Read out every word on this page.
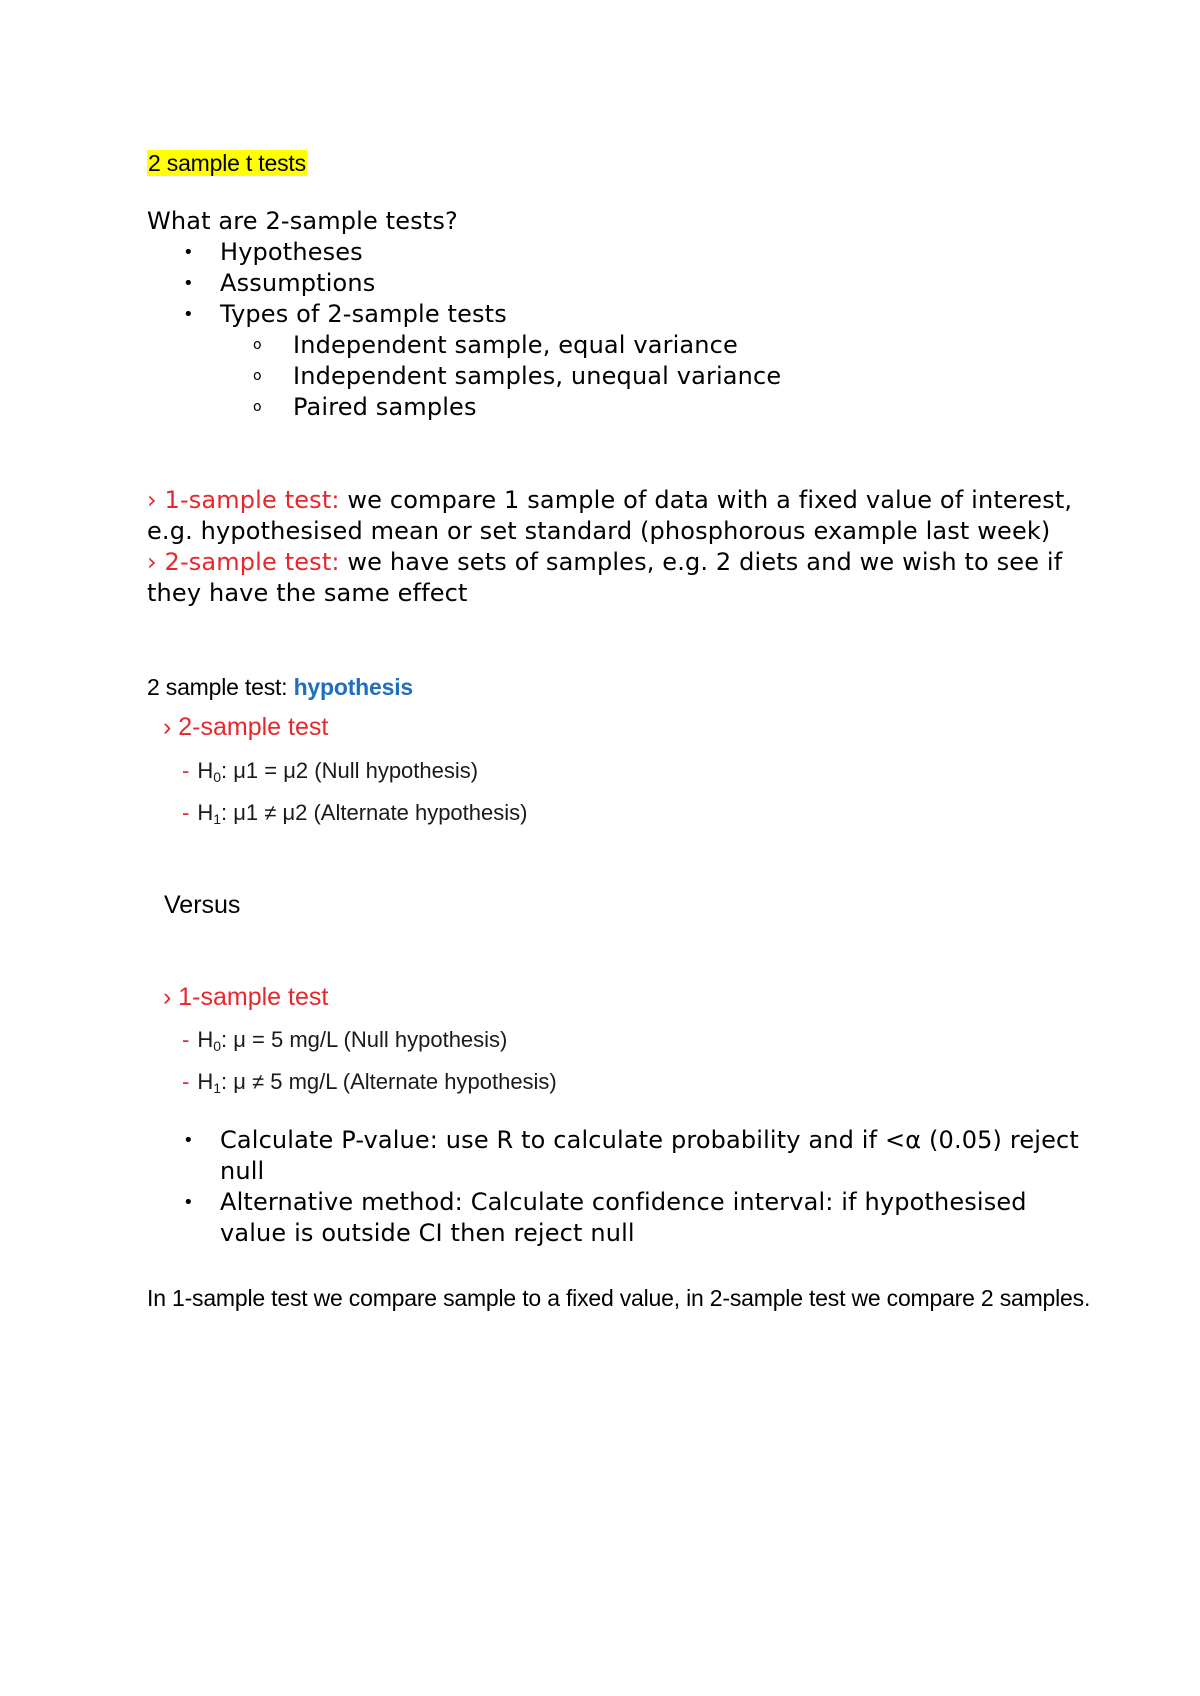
2 sample t tests

What are 2-sample tests?

• Hypotheses
• Assumptions
• Types of 2-sample tests
o Independent sample, equal variance
o Independent samples, unequal variance
o Paired samples

› 1-sample test: we compare 1 sample of data with a fixed value of interest, e.g. hypothesised mean or set standard (phosphorous example last week)

› 2-sample test: we have sets of samples, e.g. 2 diets and we wish to see if they have the same effect

2 sample test: hypothesis
› 2-sample test
- $H_0$: μ1 = μ2 (Null hypothesis)
- $H_1$: μ1 ≠ μ2 (Alternate hypothesis)
Versus
› 1-sample test
- $H_0$: μ = 5 mg/L (Null hypothesis)
- $H_1$: μ ≠ 5 mg/L (Alternate hypothesis)
• Calculate P-value: use R to calculate probability and if <α (0.05) reject null
• Alternative method: Calculate confidence interval: if hypothesised value is outside CI then reject null
In 1-sample test we compare sample to a fixed value, in 2-sample test we compare 2 samples.
